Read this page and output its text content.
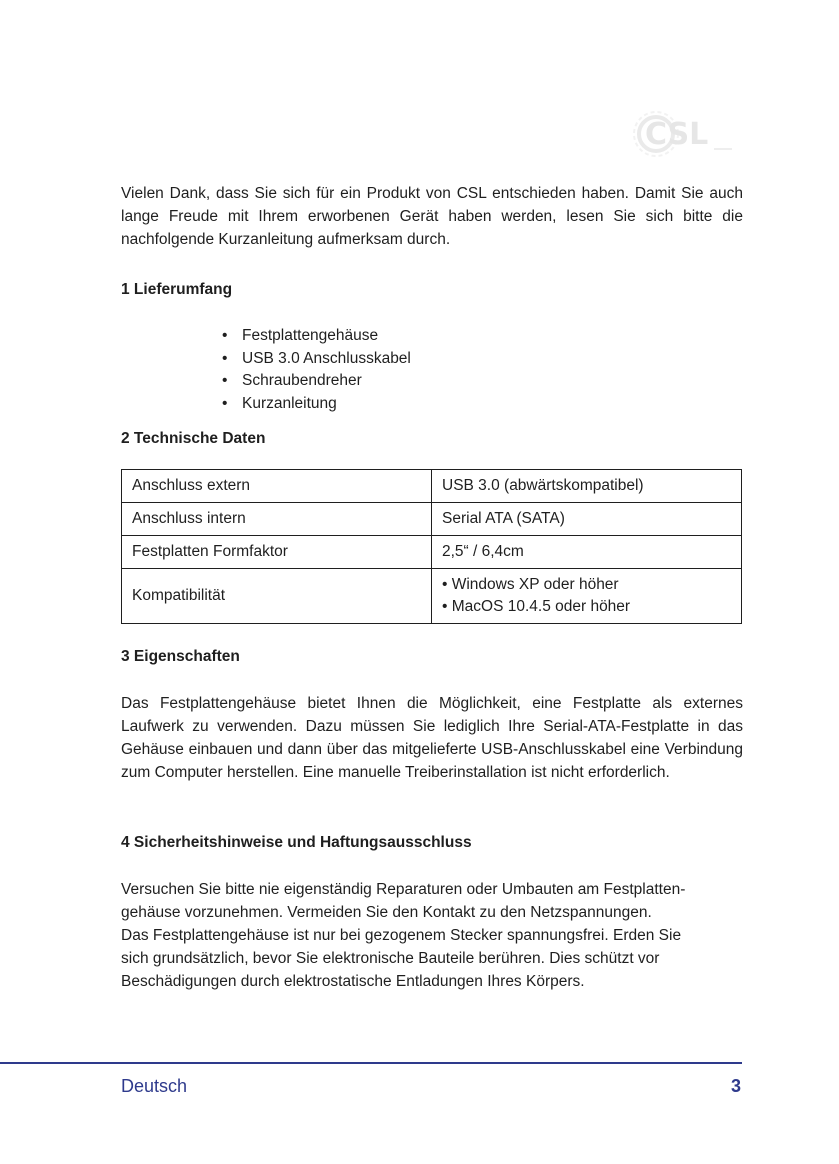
CSL

Vielen Dank, dass Sie sich für ein Produkt von CSL entschieden haben. Damit Sie auch lange Freude mit Ihrem erworbenen Gerät haben werden, lesen Sie sich bitte die nachfolgende Kurzanleitung aufmerksam durch.

1 Lieferumfang
• Festplattengehäuse
• USB 3.0 Anschlusskabel
• Schraubendreher
• Kurzanleitung
2 Technische Daten
Anschluss extern	USB 3.0 (abwärtskompatibel)
Anschluss intern	Serial ATA (SATA)
Festplatten Formfaktor	2,5“ / 6,4cm
Kompatibilität	• Windows XP oder höher
• MacOS 10.4.5 oder höher
3 Eigenschaften

Das Festplattengehäuse bietet Ihnen die Möglichkeit, eine Festplatte als externes Laufwerk zu verwenden. Dazu müssen Sie lediglich Ihre Serial-ATA-Festplatte in das Gehäuse einbauen und dann über das mitgelieferte USB-Anschlusskabel eine Verbindung zum Computer herstellen. Eine manuelle Treiberinstallation ist nicht erforderlich.

4 Sicherheitshinweise und Haftungsausschluss

Versuchen Sie bitte nie eigenständig Reparaturen oder Umbauten am Festplatten-
gehäuse vorzunehmen. Vermeiden Sie den Kontakt zu den Netzspannungen.
Das Festplattengehäuse ist nur bei gezogenem Stecker spannungsfrei. Erden Sie
sich grundsätzlich, bevor Sie elektronische Bauteile berühren. Dies schützt vor
Beschädigungen durch elektrostatische Entladungen Ihres Körpers.

Deutsch	3
